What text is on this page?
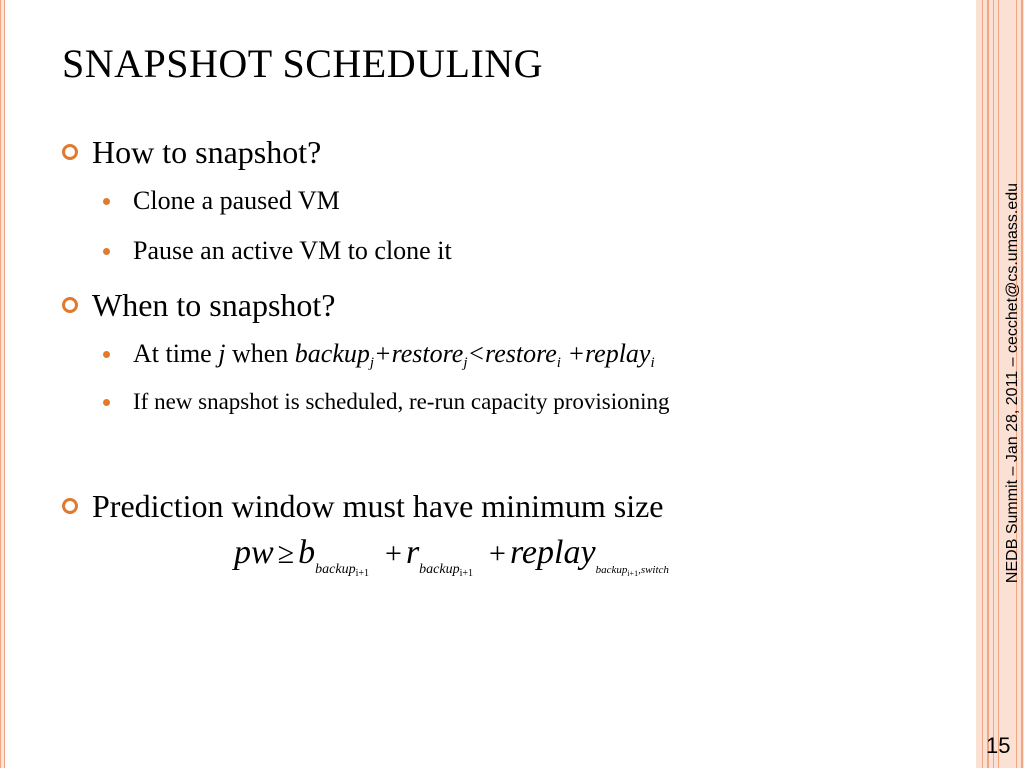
SNAPSHOT SCHEDULING
How to snapshot?
Clone a paused VM
Pause an active VM to clone it
When to snapshot?
At time j when backup$_j$+restore$_j$<restore$_i$ +replay$_i$
If new snapshot is scheduled, re-run capacity provisioning
Prediction window must have minimum size
pw ≥ bbackup$_{i+1}$  + rbackup$_{i+1}$  + replay$_{backup_{i+1},switch}$	NEDB Summit – Jan 28, 2011 – cecchet@cs.umass.edu
15
